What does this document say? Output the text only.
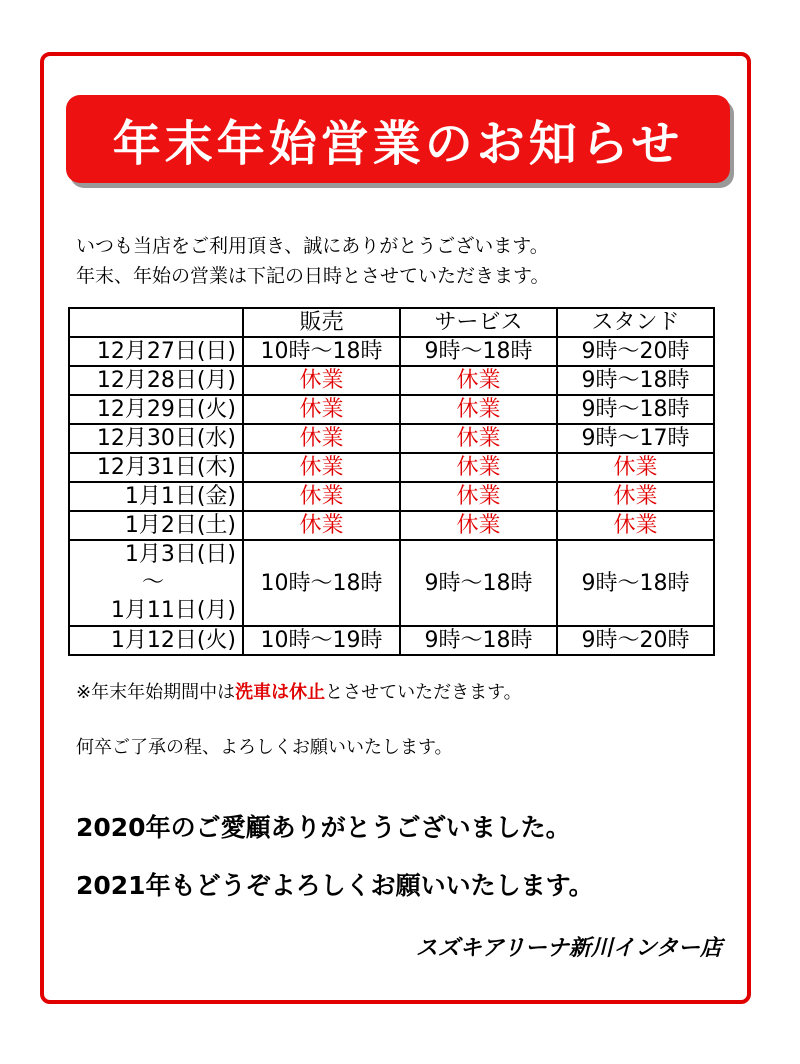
年末年始営業のお知らせ
いつも当店をご利用頂き、誠にありがとうございます。
年末、年始の営業は下記の日時とさせていただきます。
	販売	サービス	スタンド
12月27日(日)	10時～18時	9時～18時	9時～20時
12月28日(月)	休業	休業	9時～18時
12月29日(火)	休業	休業	9時～18時
12月30日(水)	休業	休業	9時～17時
12月31日(木)	休業	休業	休業
1月1日(金)	休業	休業	休業
1月2日(土)	休業	休業	休業

1月3日(日)
～
1月11日(月)	10時～18時	9時～18時	9時～18時
1月12日(火)	10時～19時	9時～18時	9時～20時
※年末年始期間中は洗車は休止とさせていただきます。
何卒ご了承の程、よろしくお願いいたします。
2020年のご愛顧ありがとうございました。
2021年もどうぞよろしくお願いいたします。
スズキアリーナ新川インター店
